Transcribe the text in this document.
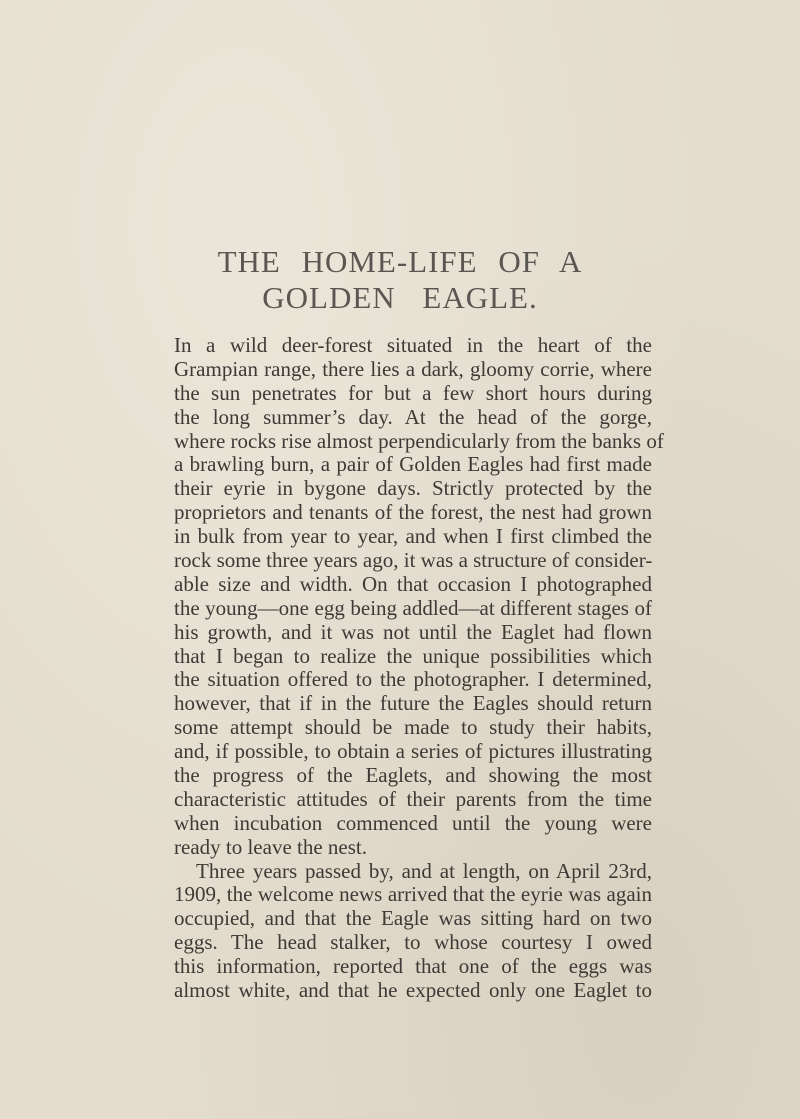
THE HOME-LIFE OF A
GOLDEN EAGLE.
In a wild deer-forest situated in the heart of the
Grampian range, there lies a dark, gloomy corrie, where
the sun penetrates for but a few short hours during
the long summer’s day. At the head of the gorge,
where rocks rise almost perpendicularly from the banks of
a brawling burn, a pair of Golden Eagles had first made
their eyrie in bygone days. Strictly protected by the
proprietors and tenants of the forest, the nest had grown
in bulk from year to year, and when I first climbed the
rock some three years ago, it was a structure of consider-
able size and width. On that occasion I photographed
the young—one egg being addled—at different stages of
his growth, and it was not until the Eaglet had flown
that I began to realize the unique possibilities which
the situation offered to the photographer. I determined,
however, that if in the future the Eagles should return
some attempt should be made to study their habits,
and, if possible, to obtain a series of pictures illustrating
the progress of the Eaglets, and showing the most
characteristic attitudes of their parents from the time
when incubation commenced until the young were
ready to leave the nest.
Three years passed by, and at length, on April 23rd,
1909, the welcome news arrived that the eyrie was again
occupied, and that the Eagle was sitting hard on two
eggs. The head stalker, to whose courtesy I owed
this information, reported that one of the eggs was
almost white, and that he expected only one Eaglet to
